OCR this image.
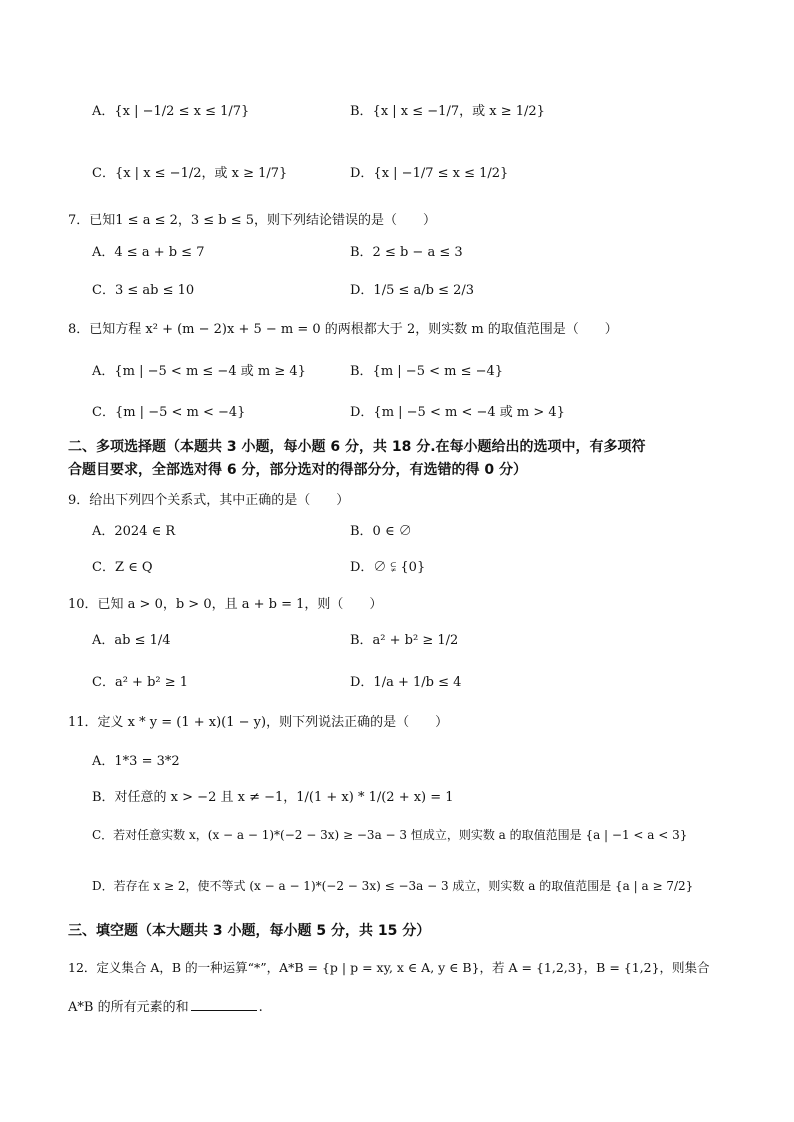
A．{x | −1/2 ≤ x ≤ 1/7}	B．{x | x ≤ −1/7，或 x ≥ 1/2}
C．{x | x ≤ −1/2，或 x ≥ 1/7}	D．{x | −1/7 ≤ x ≤ 1/2}
7．已知1 ≤ a ≤ 2，3 ≤ b ≤ 5，则下列结论错误的是（　　）
A．4 ≤ a + b ≤ 7	B．2 ≤ b − a ≤ 3
C．3 ≤ ab ≤ 10	D．1/5 ≤ a/b ≤ 2/3
8．已知方程 x² + (m − 2)x + 5 − m = 0 的两根都大于 2，则实数 m 的取值范围是（　　）
A．{m | −5 < m ≤ −4 或 m ≥ 4}	B．{m | −5 < m ≤ −4}
C．{m | −5 < m < −4}	D．{m | −5 < m < −4 或 m > 4}
二、多项选择题（本题共 3 小题，每小题 6 分，共 18 分.在每小题给出的选项中，有多项符
合题目要求，全部选对得 6 分，部分选对的得部分分，有选错的得 0 分）
9．给出下列四个关系式，其中正确的是（　　）
A．2024 ∈ R	B．0 ∈ ∅
C．Z ∈ Q	D．∅ ⫋ {0}
10．已知 a > 0，b > 0，且 a + b = 1，则（　　）
A．ab ≤ 1/4	B．a² + b² ≥ 1/2
C．a² + b² ≥ 1	D．1/a + 1/b ≤ 4
11．定义 x * y = (1 + x)(1 − y)，则下列说法正确的是（　　）
A．1*3 = 3*2
B．对任意的 x > −2 且 x ≠ −1，1/(1 + x) * 1/(2 + x) = 1
C．若对任意实数 x，(x − a − 1)*(−2 − 3x) ≥ −3a − 3 恒成立，则实数 a 的取值范围是 {a | −1 < a < 3}
D．若存在 x ≥ 2，使不等式 (x − a − 1)*(−2 − 3x) ≤ −3a − 3 成立，则实数 a 的取值范围是 {a | a ≥ 7/2}
三、填空题（本大题共 3 小题，每小题 5 分，共 15 分）
12．定义集合 A，B 的一种运算“*”，A*B = {p | p = xy, x ∈ A, y ∈ B}，若 A = {1,2,3}，B = {1,2}，则集合
A*B 的所有元素的和	.
